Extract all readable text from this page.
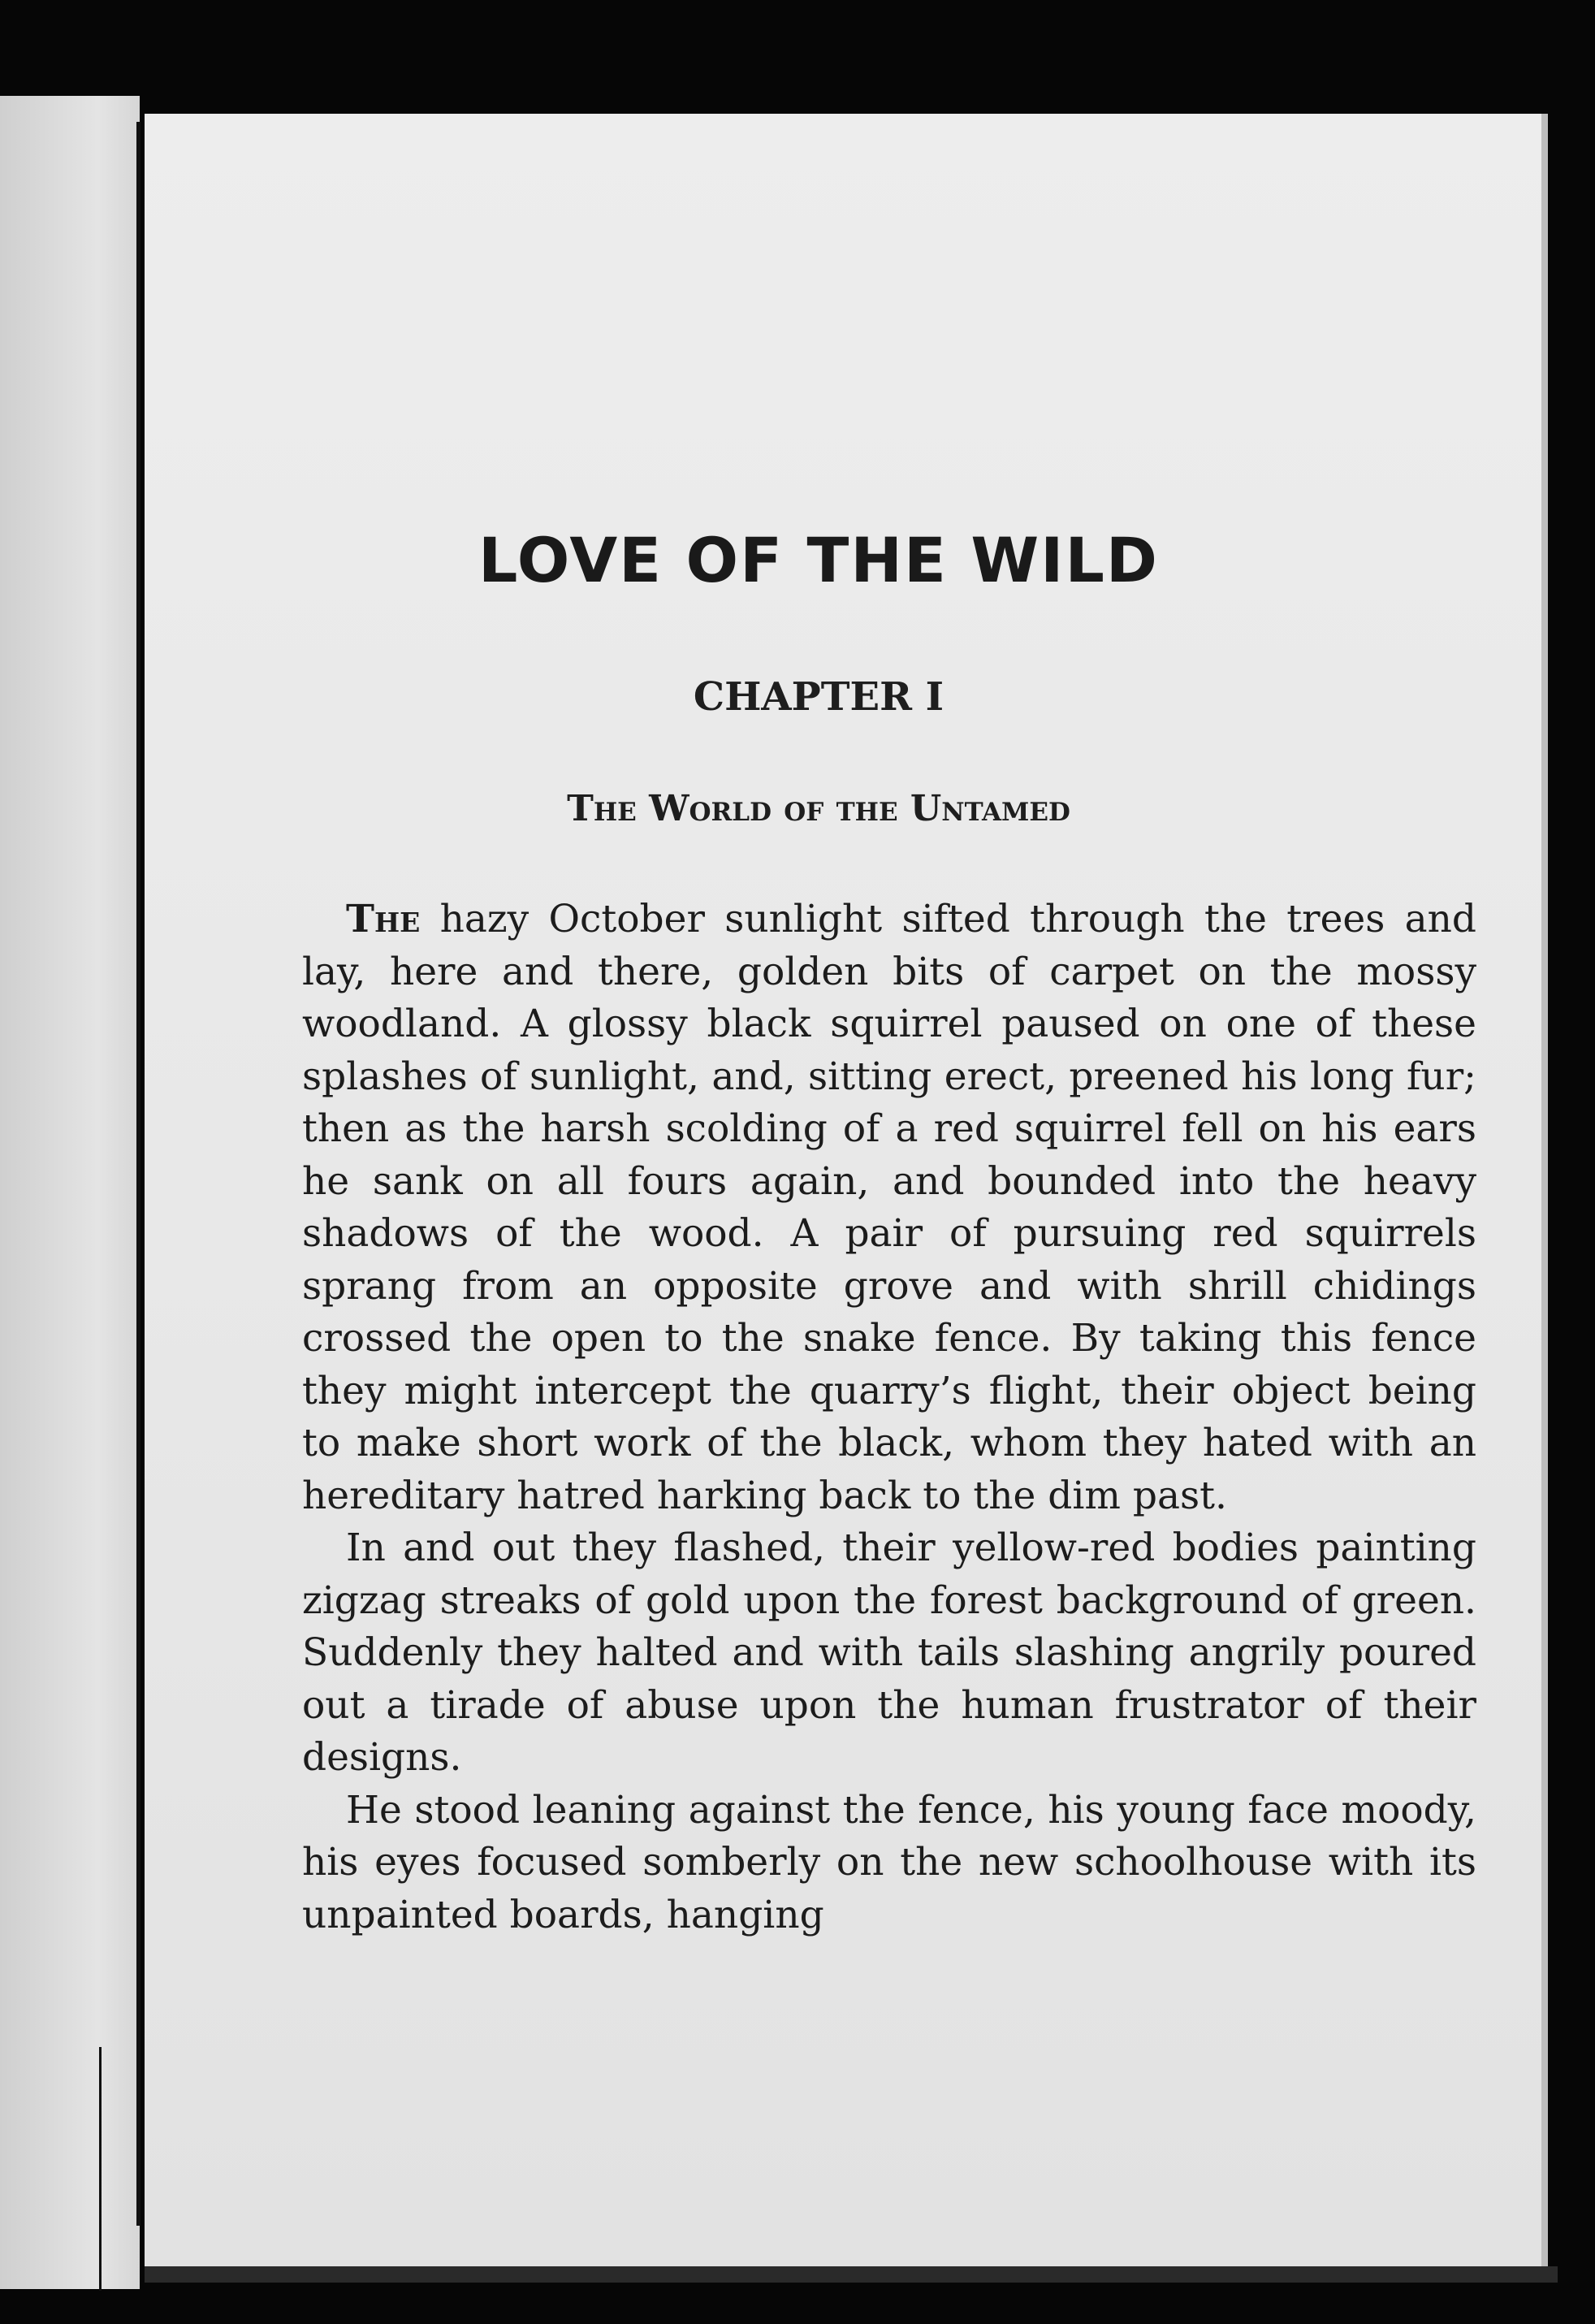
LOVE OF THE WILD
CHAPTER I
The World of the Untamed

The hazy October sunlight sifted through the trees and lay, here and there, golden bits of carpet on the mossy woodland. A glossy black squirrel paused on one of these splashes of sunlight, and, sitting erect, preened his long fur; then as the harsh scolding of a red squirrel fell on his ears he sank on all fours again, and bounded into the heavy shadows of the wood. A pair of pursuing red squirrels sprang from an opposite grove and with shrill chidings crossed the open to the snake fence. By taking this fence they might intercept the quarry’s flight, their object being to make short work of the black, whom they hated with an hereditary hatred harking back to the dim past.

In and out they flashed, their yellow-red bodies painting zigzag streaks of gold upon the forest background of green. Suddenly they halted and with tails slashing angrily poured out a tirade of abuse upon the human frustrator of their designs.

He stood leaning against the fence, his young face moody, his eyes focused somberly on the new schoolhouse with its unpainted boards, hanging
